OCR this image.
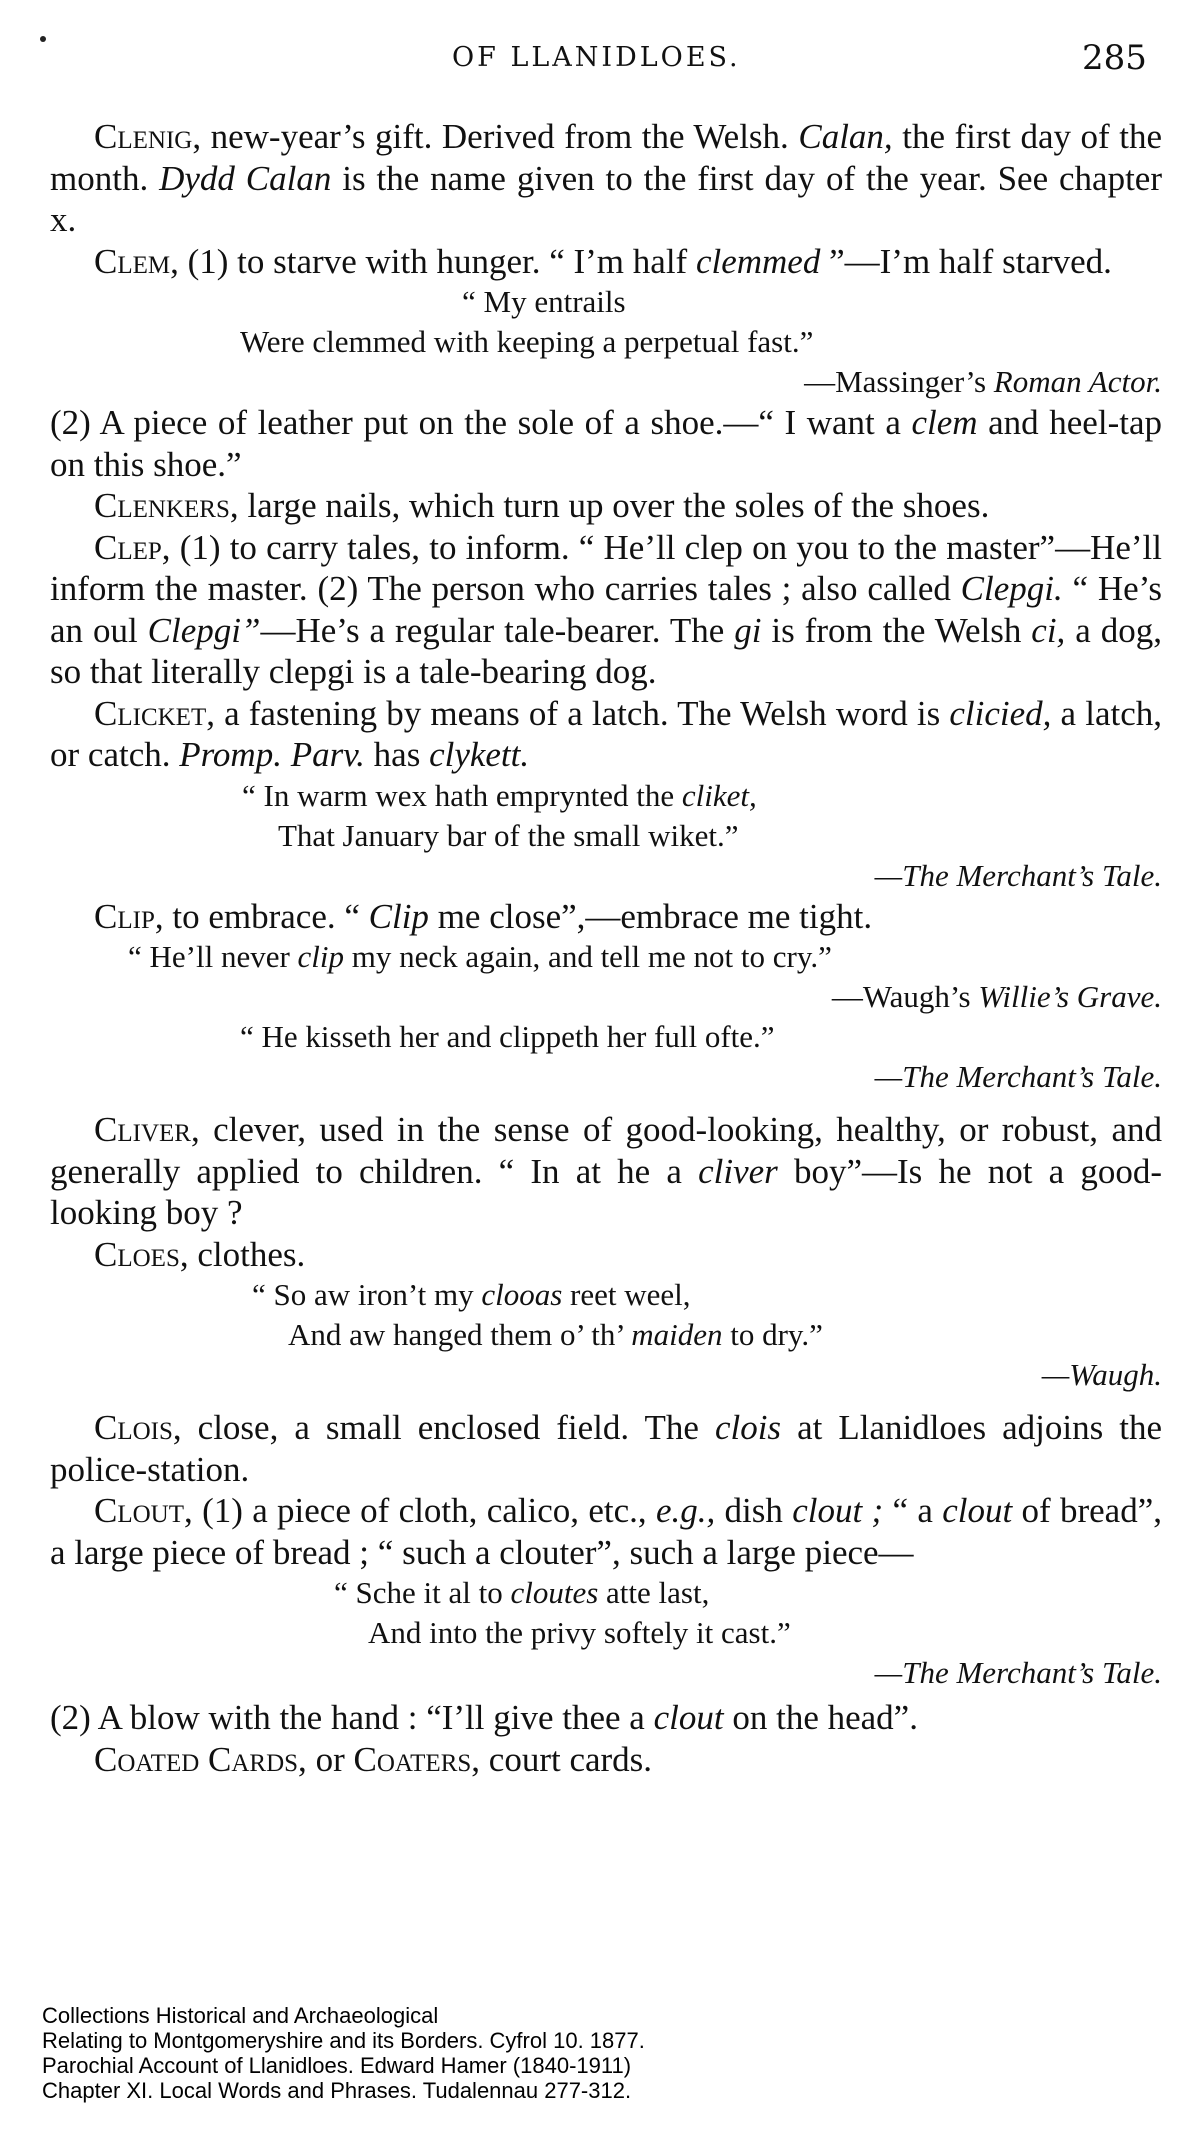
OF LLANIDLOES.	285

Clenig, new-year’s gift. Derived from the Welsh. Calan, the first day of the month. Dydd Calan is the name given to the first day of the year. See chapter x.

Clem, (1) to starve with hunger. “ I’m half clemmed ”—I’m half starved.

“ My entrails

Were clemmed with keeping a perpetual fast.”

—Massinger’s Roman Actor.

(2) A piece of leather put on the sole of a shoe.—“ I want a clem and heel-tap on this shoe.”

Clenkers, large nails, which turn up over the soles of the shoes.

Clep, (1) to carry tales, to inform. “ He’ll clep on you to the master”—He’ll inform the master. (2) The person who carries tales ; also called Clepgi. “ He’s an oul Clepgi”—He’s a regular tale-bearer. The gi is from the Welsh ci, a dog, so that literally clepgi is a tale-bearing dog.

Clicket, a fastening by means of a latch. The Welsh word is clicied, a latch, or catch. Promp. Parv. has clykett.

“ In warm wex hath emprynted the cliket,

That January bar of the small wiket.”

—The Merchant’s Tale.

Clip, to embrace. “ Clip me close”,—embrace me tight.

“ He’ll never clip my neck again, and tell me not to cry.”

—Waugh’s Willie’s Grave.

“ He kisseth her and clippeth her full ofte.”

—The Merchant’s Tale.

Cliver, clever, used in the sense of good-looking, healthy, or robust, and generally applied to children. “ In at he a cliver boy”—Is he not a good-looking boy ?

Cloes, clothes.

“ So aw iron’t my clooas reet weel,

And aw hanged them o’ th’ maiden to dry.”

—Waugh.

Clois, close, a small enclosed field. The clois at Llanidloes adjoins the police-station.

Clout, (1) a piece of cloth, calico, etc., e.g., dish clout ; “ a clout of bread”, a large piece of bread ; “ such a clouter”, such a large piece—

“ Sche it al to cloutes atte last,

And into the privy softely it cast.”

—The Merchant’s Tale.

(2) A blow with the hand : “I’ll give thee a clout on the head”.

Coated Cards, or Coaters, court cards.

Collections Historical and Archaeological
Relating to Montgomeryshire and its Borders. Cyfrol 10. 1877.
Parochial Account of Llanidloes. Edward Hamer (1840-1911)
Chapter XI. Local Words and Phrases. Tudalennau 277-312.
